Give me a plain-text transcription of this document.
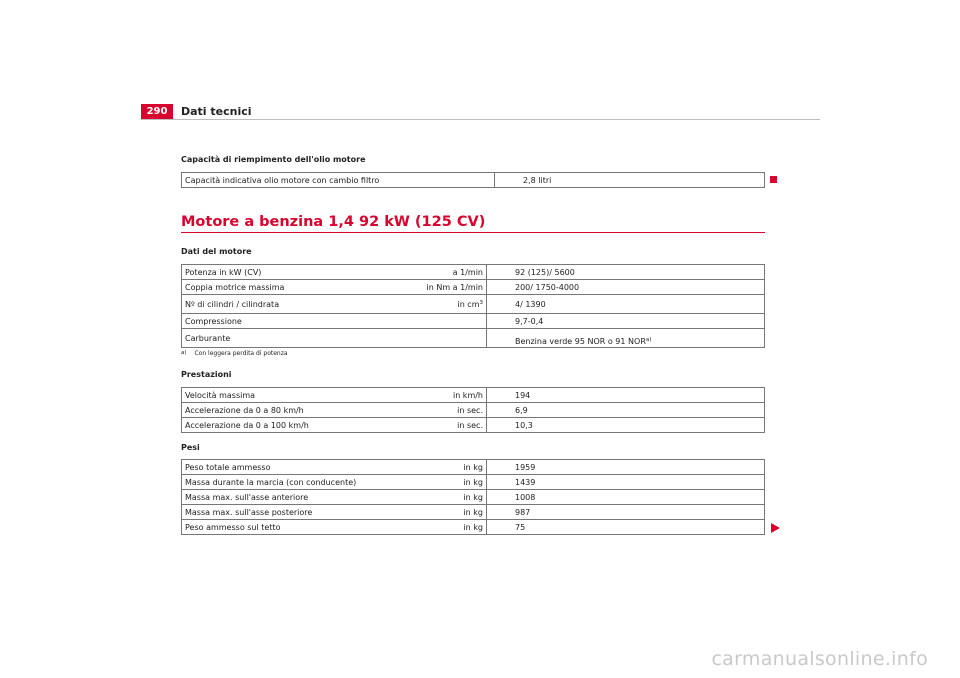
290	Dati tecnici
Capacità di riempimento dell'olio motore
Capacità indicativa olio motore con cambio filtro	2,8 litri
Motore a benzina 1,4 92 kW (125 CV)
Dati del motore
Potenza in kW (CV)	a 1/min	92 (125)/ 5600
Coppia motrice massima	in Nm a 1/min	200/ 1750-4000
Nº di cilindri / cilindrata	in $cm^3$	4/ 1390
Compressione		9,7-0,4
Carburante		Benzina verde 95 NOR o 91 NOR$^{a)}$
$^{a)}$ Con leggera perdita di potenza
Prestazioni
Velocità massima	in km/h	194
Accelerazione da 0 a 80 km/h	in sec.	6,9
Accelerazione da 0 a 100 km/h	in sec.	10,3
Pesi
Peso totale ammesso	in kg	1959
Massa durante la marcia (con conducente)	in kg	1439
Massa max. sull'asse anteriore	in kg	1008
Massa max. sull'asse posteriore	in kg	987
Peso ammesso sul tetto	in kg	75
carmanualsonline.info
